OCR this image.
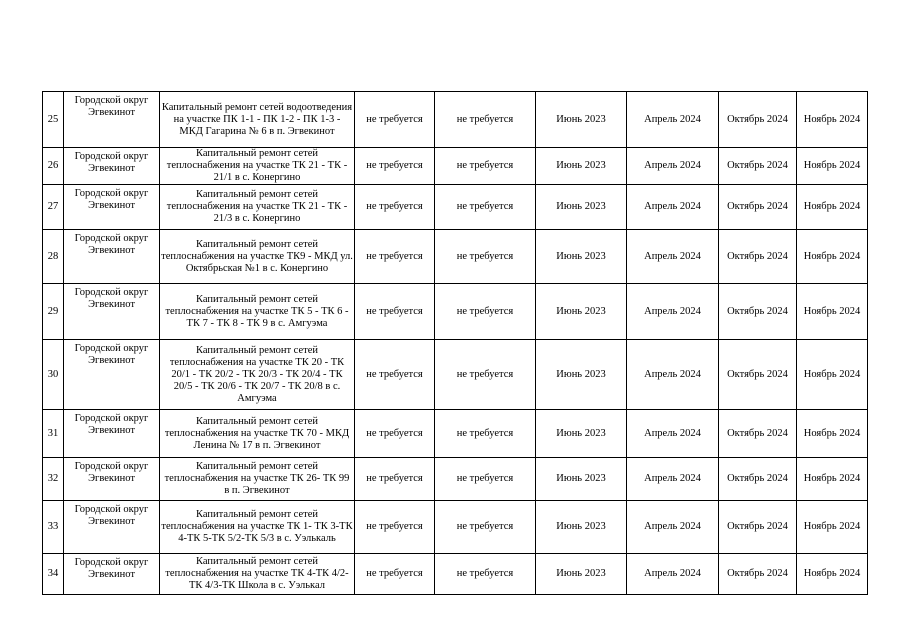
25	Городской округ Эгвекинот	Капитальный ремонт сетей водоотведения на участке ПК 1-1 - ПК 1-2 - ПК 1-3 - МКД Гагарина № 6 в п. Эгвекинот	не требуется	не требуется	Июнь 2023	Апрель 2024	Октябрь 2024	Ноябрь 2024
26	Городской округ Эгвекинот	Капитальный ремонт сетей теплоснабжения на участке ТК 21 - ТК - 21/1 в с. Конергино	не требуется	не требуется	Июнь 2023	Апрель 2024	Октябрь 2024	Ноябрь 2024
27	Городской округ Эгвекинот	Капитальный ремонт сетей теплоснабжения на участке ТК 21 - ТК - 21/3 в с. Конергино	не требуется	не требуется	Июнь 2023	Апрель 2024	Октябрь 2024	Ноябрь 2024
28	Городской округ Эгвекинот	Капитальный ремонт сетей теплоснабжения на участке ТК9 - МКД ул. Октябрьская №1 в с. Конергино	не требуется	не требуется	Июнь 2023	Апрель 2024	Октябрь 2024	Ноябрь 2024
29	Городской округ Эгвекинот	Капитальный ремонт сетей теплоснабжения на участке ТК 5 - ТК 6 - ТК 7 - ТК 8 - ТК 9 в с. Амгуэма	не требуется	не требуется	Июнь 2023	Апрель 2024	Октябрь 2024	Ноябрь 2024
30	Городской округ Эгвекинот	Капитальный ремонт сетей теплоснабжения на участке ТК 20 - ТК 20/1 - ТК 20/2 - ТК 20/3 - ТК 20/4 - ТК 20/5 - ТК 20/6 - ТК 20/7 - ТК 20/8 в с. Амгуэма	не требуется	не требуется	Июнь 2023	Апрель 2024	Октябрь 2024	Ноябрь 2024
31	Городской округ Эгвекинот	Капитальный ремонт сетей теплоснабжения на участке ТК 70 - МКД Ленина № 17 в п. Эгвекинот	не требуется	не требуется	Июнь 2023	Апрель 2024	Октябрь 2024	Ноябрь 2024
32	Городской округ Эгвекинот	Капитальный ремонт сетей теплоснабжения на участке ТК 26- ТК 99 в п. Эгвекинот	не требуется	не требуется	Июнь 2023	Апрель 2024	Октябрь 2024	Ноябрь 2024
33	Городской округ Эгвекинот	Капитальный ремонт сетей теплоснабжения на участке ТК 1- ТК 3-ТК 4-ТК 5-ТК 5/2-ТК 5/3 в с. Уэлькаль	не требуется	не требуется	Июнь 2023	Апрель 2024	Октябрь 2024	Ноябрь 2024
34	Городской округ Эгвекинот	Капитальный ремонт сетей теплоснабжения на участке ТК 4-ТК 4/2-ТК 4/3-ТК Школа в с. Уэлькал	не требуется	не требуется	Июнь 2023	Апрель 2024	Октябрь 2024	Ноябрь 2024
